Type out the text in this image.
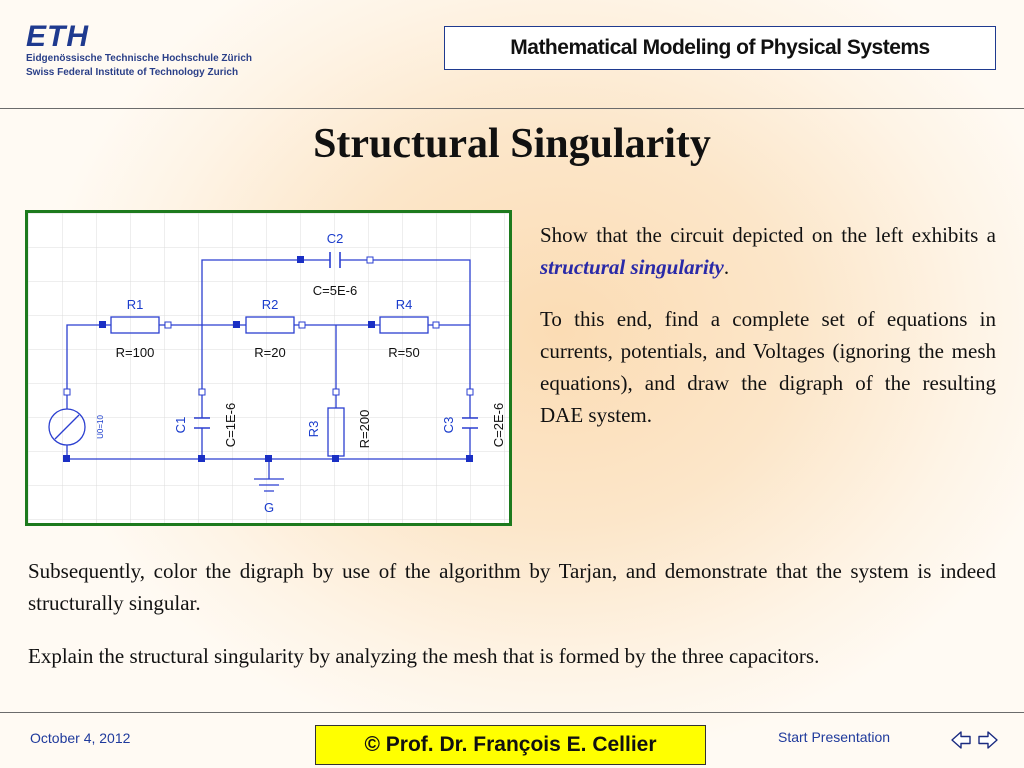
ETH
Eidgenössische Technische Hochschule Zürich
Swiss Federal Institute of Technology Zurich
Mathematical Modeling of Physical Systems
Structural Singularity
C2
C=5E-6
R1
R=100
R2
R=20
R4
R=50
U0=10	C1	C=1E-6	R3	R=200	C3	C=2E-6
G

Show that the circuit depicted on the left exhibits a structural singularity.

To this end, find a complete set of equations in currents, potentials, and Voltages (ignoring the mesh equations), and draw the digraph of the resulting DAE system.

Subsequently, color the digraph by use of the algorithm by Tarjan, and demonstrate that the system is indeed structurally singular.

Explain the structural singularity by analyzing the mesh that is formed by the three capacitors.

October 4, 2012	© Prof. Dr. François E. Cellier	Start Presentation
